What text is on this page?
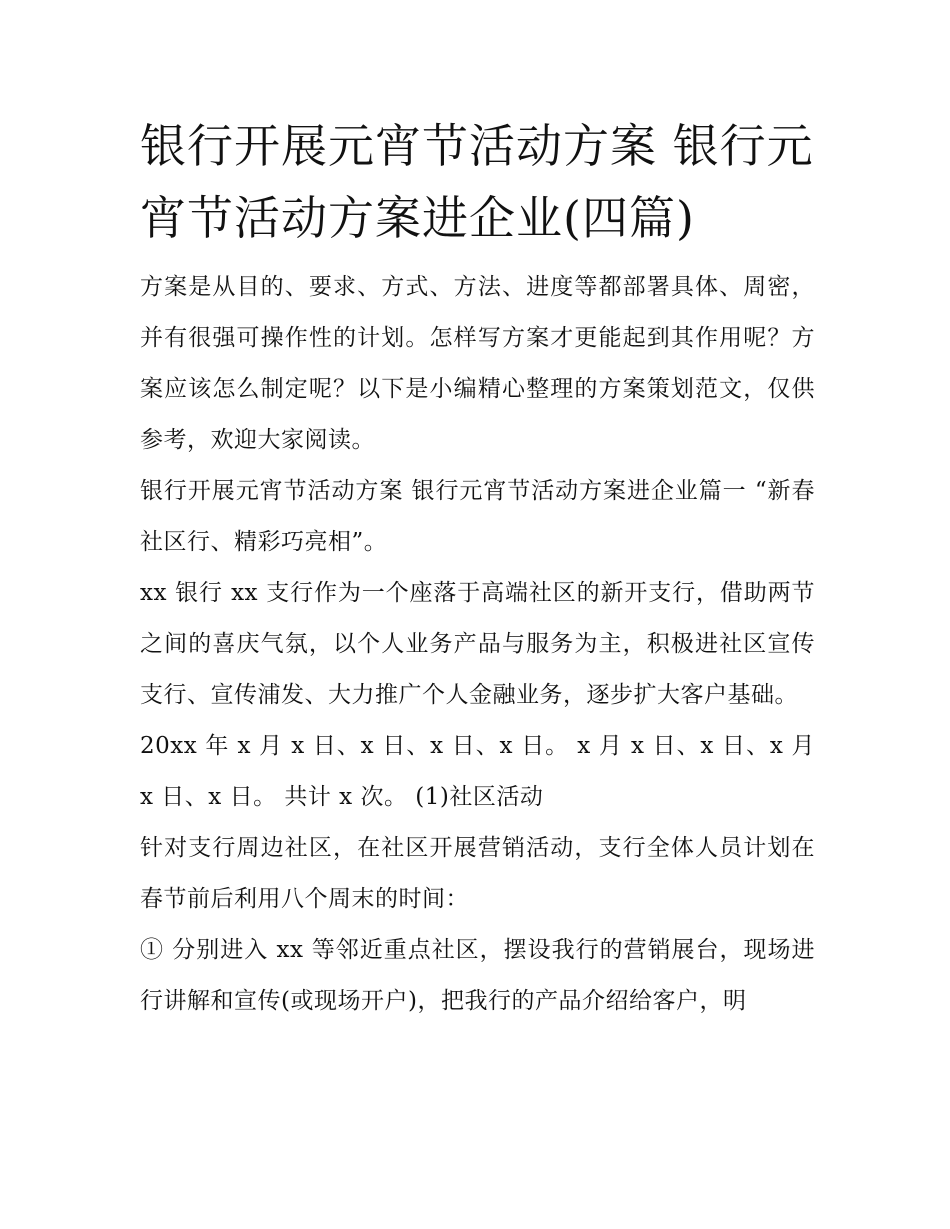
银行开展元宵节活动方案 银行元宵节活动方案进企业(四篇)

方案是从目的、要求、方式、方法、进度等都部署具体、周密，并有很强可操作性的计划。怎样写方案才更能起到其作用呢？方案应该怎么制定呢？以下是小编精心整理的方案策划范文，仅供参考，欢迎大家阅读。

银行开展元宵节活动方案 银行元宵节活动方案进企业篇一 “新春社区行、精彩巧亮相”。

xx 银行 xx 支行作为一个座落于高端社区的新开支行，借助两节之间的喜庆气氛，以个人业务产品与服务为主，积极进社区宣传支行、宣传浦发、大力推广个人金融业务，逐步扩大客户基础。

20xx 年 x 月 x 日、x 日、x 日、x 日。 x 月 x 日、x 日、x 月 x 日、x 日。 共计 x 次。 (1)社区活动

针对支行周边社区，在社区开展营销活动，支行全体人员计划在春节前后利用八个周末的时间：

① 分别进入 xx 等邻近重点社区，摆设我行的营销展台，现场进行讲解和宣传(或现场开户)，把我行的产品介绍给客户，明
